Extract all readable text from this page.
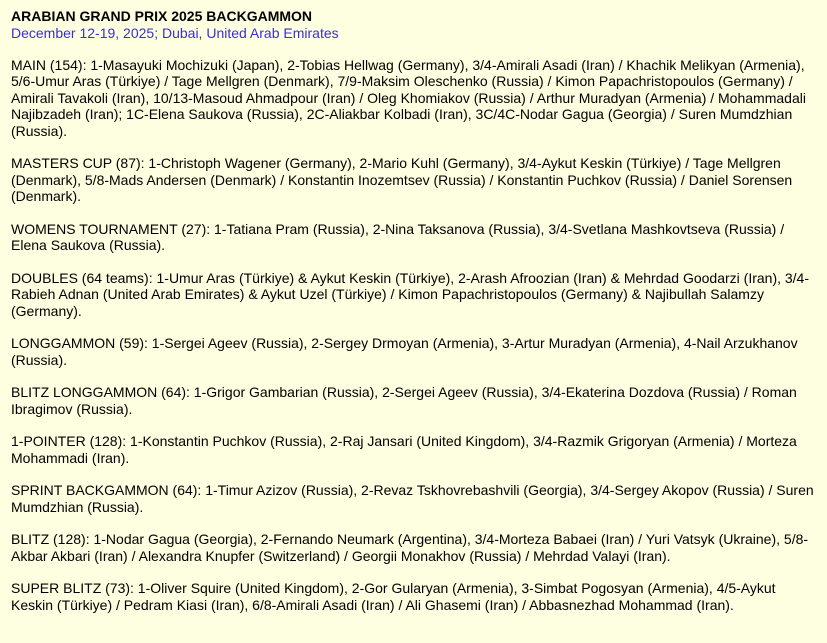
ARABIAN GRAND PRIX 2025 BACKGAMMON
December 12-19, 2025; Dubai, United Arab Emirates
MAIN (154): 1-Masayuki Mochizuki (Japan), 2-Tobias Hellwag (Germany), 3/4-Amirali Asadi (Iran) / Khachik Melikyan (Armenia), 5/6-Umur Aras (Türkiye) / Tage Mellgren (Denmark), 7/9-Maksim Oleschenko (Russia) / Kimon Papachristopoulos (Germany) / Amirali Tavakoli (Iran), 10/13-Masoud Ahmadpour (Iran) / Oleg Khomiakov (Russia) / Arthur Muradyan (Armenia) / Mohammadali Najibzadeh (Iran); 1C-Elena Saukova (Russia), 2C-Aliakbar Kolbadi (Iran), 3C/4C-Nodar Gagua (Georgia) / Suren Mumdzhian (Russia).
MASTERS CUP (87): 1-Christoph Wagener (Germany), 2-Mario Kuhl (Germany), 3/4-Aykut Keskin (Türkiye) / Tage Mellgren (Denmark), 5/8-Mads Andersen (Denmark) / Konstantin Inozemtsev (Russia) / Konstantin Puchkov (Russia) / Daniel Sorensen (Denmark).
WOMENS TOURNAMENT (27): 1-Tatiana Pram (Russia), 2-Nina Taksanova (Russia), 3/4-Svetlana Mashkovtseva (Russia) / Elena Saukova (Russia).
DOUBLES (64 teams): 1-Umur Aras (Türkiye) & Aykut Keskin (Türkiye), 2-Arash Afroozian (Iran) & Mehrdad Goodarzi (Iran), 3/4-Rabieh Adnan (United Arab Emirates) & Aykut Uzel (Türkiye) / Kimon Papachristopoulos (Germany) & Najibullah Salamzy (Germany).
LONGGAMMON (59): 1-Sergei Ageev (Russia), 2-Sergey Drmoyan (Armenia), 3-Artur Muradyan (Armenia), 4-Nail Arzukhanov (Russia).
BLITZ LONGGAMMON (64): 1-Grigor Gambarian (Russia), 2-Sergei Ageev (Russia), 3/4-Ekaterina Dozdova (Russia) / Roman Ibragimov (Russia).
1-POINTER (128): 1-Konstantin Puchkov (Russia), 2-Raj Jansari (United Kingdom), 3/4-Razmik Grigoryan (Armenia) / Morteza Mohammadi (Iran).
SPRINT BACKGAMMON (64): 1-Timur Azizov (Russia), 2-Revaz Tskhovrebashvili (Georgia), 3/4-Sergey Akopov (Russia) / Suren Mumdzhian (Russia).
BLITZ (128): 1-Nodar Gagua (Georgia), 2-Fernando Neumark (Argentina), 3/4-Morteza Babaei (Iran) / Yuri Vatsyk (Ukraine), 5/8-Akbar Akbari (Iran) / Alexandra Knupfer (Switzerland) / Georgii Monakhov (Russia) / Mehrdad Valayi (Iran).
SUPER BLITZ (73): 1-Oliver Squire (United Kingdom), 2-Gor Gularyan (Armenia), 3-Simbat Pogosyan (Armenia), 4/5-Aykut Keskin (Türkiye) / Pedram Kiasi (Iran), 6/8-Amirali Asadi (Iran) / Ali Ghasemi (Iran) / Abbasnezhad Mohammad (Iran).
